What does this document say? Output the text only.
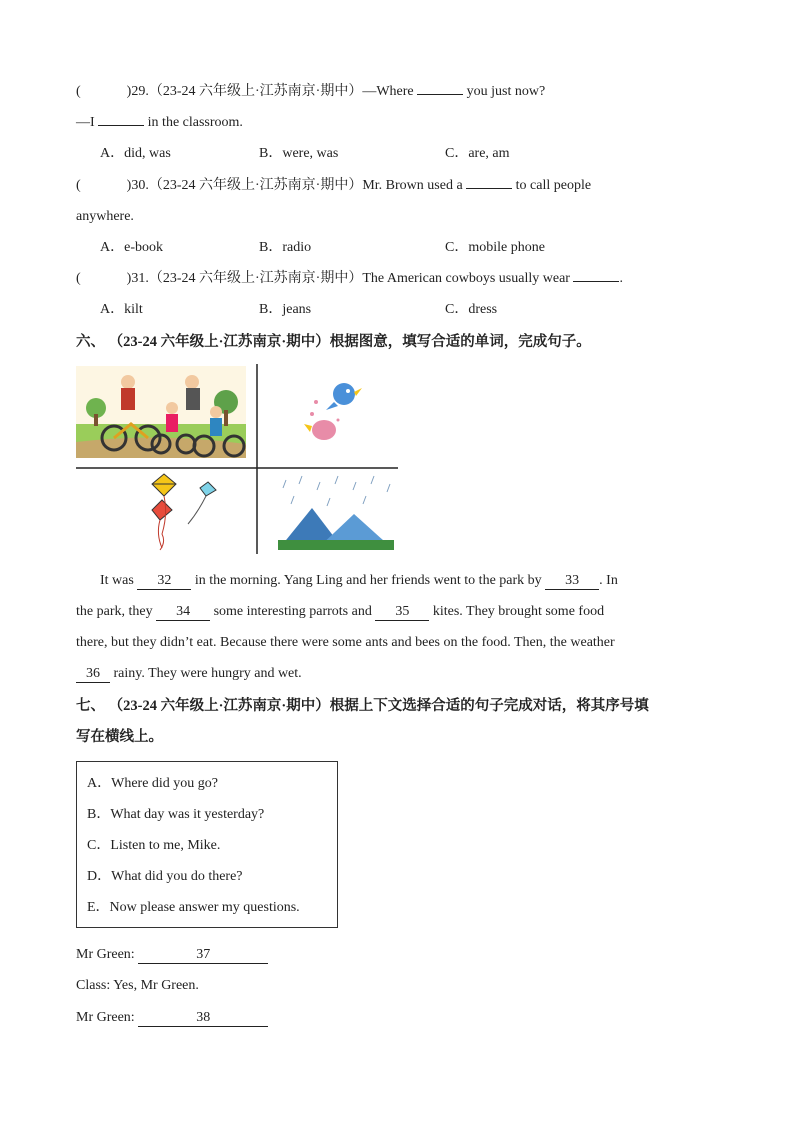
(	)29.（23-24 六年级上·江苏南京·期中）—Where	you just now?
—I	in the classroom.
A．did, was	B．were, was	C．are, am
(	)30.（23-24 六年级上·江苏南京·期中）Mr. Brown used a	to call people
anywhere.
A．e-book	B．radio	C．mobile phone
(	)31.（23-24 六年级上·江苏南京·期中）The American cowboys usually wear	.
A．kilt	B．jeans	C．dress
六、 （23-24 六年级上·江苏南京·期中）根据图意，填写合适的单词，完成句子。
It was 32 in the morning. Yang Ling and her friends went to the park by 33 . In
the park, they 34 some interesting parrots and 35 kites. They brought some food
there, but they didn’t eat. Because there were some ants and bees on the food. Then, the weather
36 rainy. They were hungry and wet.
七、 （23-24 六年级上·江苏南京·期中）根据上下文选择合适的句子完成对话，将其序号填
写在横线上。
A．Where did you go?
B．What day was it yesterday?
C．Listen to me, Mike.
D．What did you do there?
E．Now please answer my questions.
Mr Green:	37
Class: Yes, Mr Green.
Mr Green:	38
